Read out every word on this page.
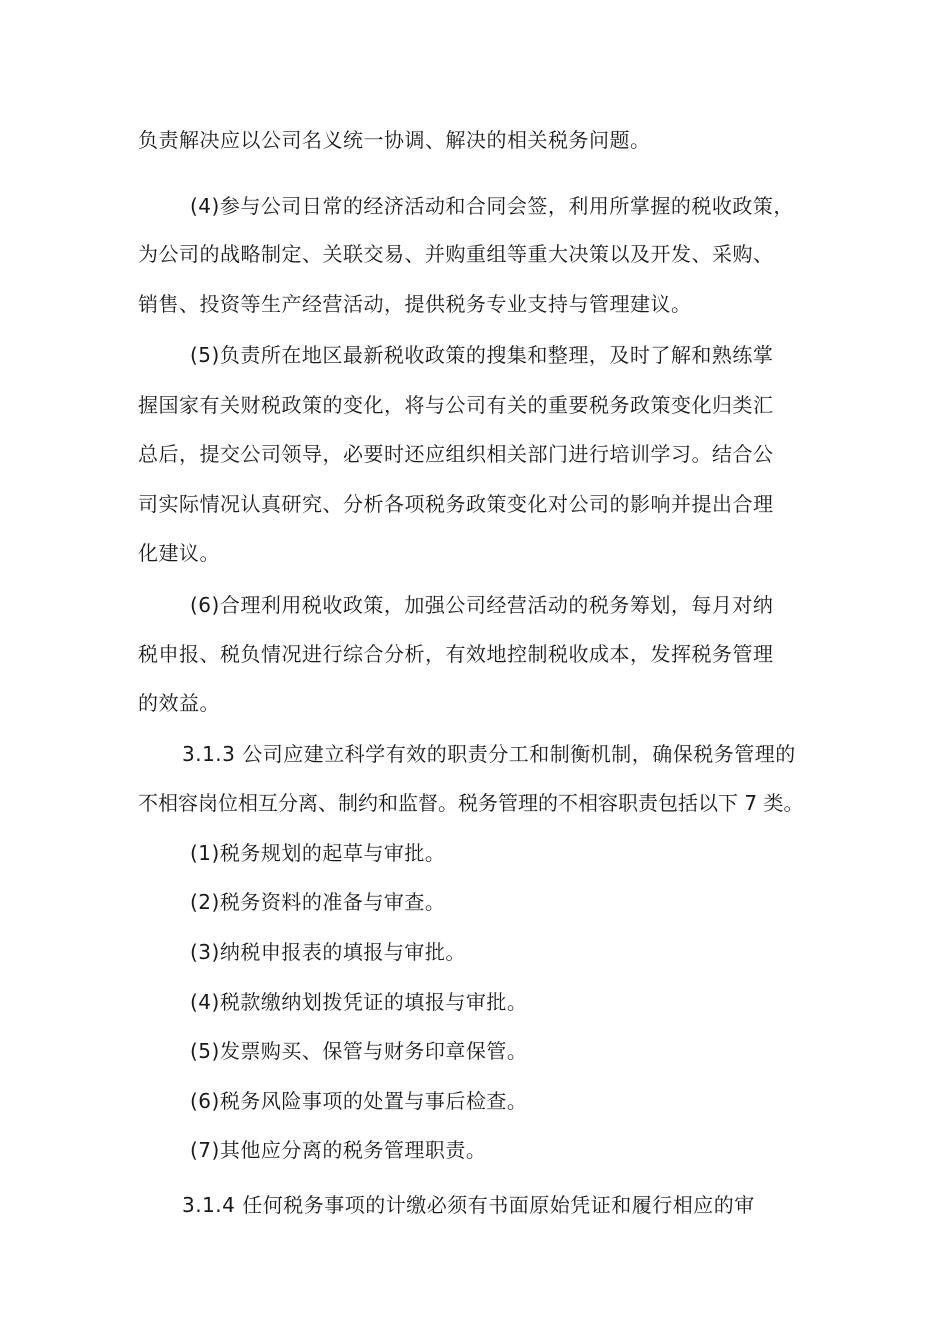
负责解决应以公司名义统一协调、解决的相关税务问题。
(4)参与公司日常的经济活动和合同会签，利用所掌握的税收政策，
为公司的战略制定、关联交易、并购重组等重大决策以及开发、采购、
销售、投资等生产经营活动，提供税务专业支持与管理建议。
(5)负责所在地区最新税收政策的搜集和整理，及时了解和熟练掌
握国家有关财税政策的变化，将与公司有关的重要税务政策变化归类汇
总后，提交公司领导，必要时还应组织相关部门进行培训学习。结合公
司实际情况认真研究、分析各项税务政策变化对公司的影响并提出合理
化建议。
(6)合理利用税收政策，加强公司经营活动的税务筹划，每月对纳
税申报、税负情况进行综合分析，有效地控制税收成本，发挥税务管理
的效益。
3.1.3 公司应建立科学有效的职责分工和制衡机制，确保税务管理的
不相容岗位相互分离、制约和监督。税务管理的不相容职责包括以下 7 类。
(1)税务规划的起草与审批。
(2)税务资料的准备与审查。
(3)纳税申报表的填报与审批。
(4)税款缴纳划拨凭证的填报与审批。
(5)发票购买、保管与财务印章保管。
(6)税务风险事项的处置与事后检查。
(7)其他应分离的税务管理职责。
3.1.4 任何税务事项的计缴必须有书面原始凭证和履行相应的审
